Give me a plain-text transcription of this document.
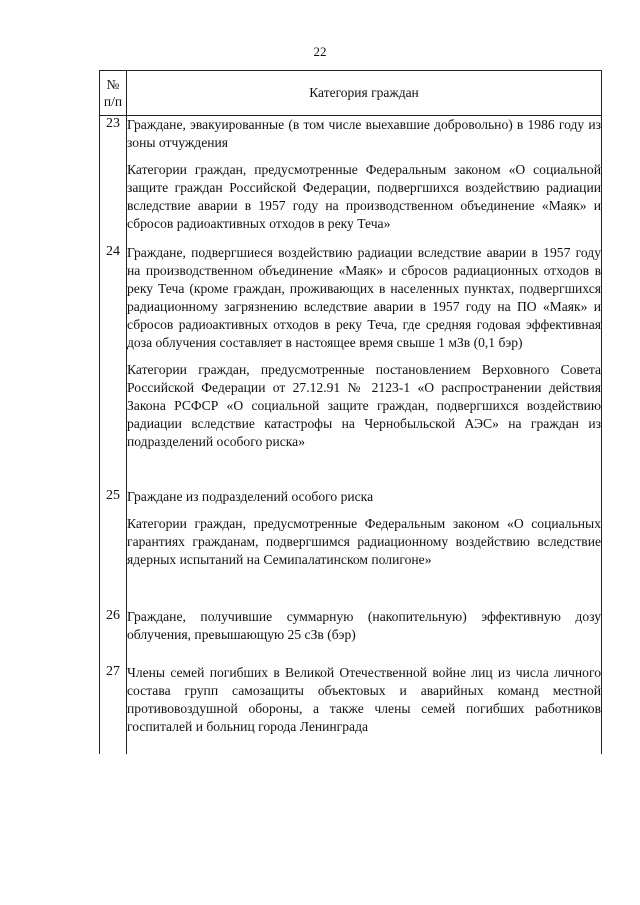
22
№
п/п	Категория граждан
23	Граждане, эвакуированные (в том числе выехавшие добровольно) в 1986 году из зоны отчуждения

Категории граждан, предусмотренные Федеральным законом «О социальной защите граждан Российской Федерации, подвергшихся воздействию радиации вследствие аварии в 1957 году на производственном объединение «Маяк» и сбросов радиоактивных отходов в реку Теча»

24	Граждане, подвергшиеся воздействию радиации вследствие аварии в 1957 году на производственном объединение «Маяк» и сбросов радиационных отходов в реку Теча (кроме граждан, проживающих в населенных пунктах, подвергшихся радиационному загрязнению вследствие аварии в 1957 году на ПО «Маяк» и сбросов радиоактивных отходов в реку Теча, где средняя годовая эффективная доза облучения составляет в настоящее время свыше 1 мЗв (0,1 бэр)

Категории граждан, предусмотренные постановлением Верховного Совета Российской Федерации от 27.12.91 № 2123-1 «О распространении действия Закона РСФСР «О социальной защите граждан, подвергшихся воздействию радиации вследствие катастрофы на Чернобыльской АЭС» на граждан из подразделений особого риска»

25	Граждане из подразделений особого риска

Категории граждан, предусмотренные Федеральным законом «О социальных гарантиях гражданам, подвергшимся радиационному воздействию вследствие ядерных испытаний на Семипалатинском полигоне»

26	Граждане, получившие суммарную (накопительную) эффективную дозу облучения, превышающую 25 сЗв (бэр)

27	Члены семей погибших в Великой Отечественной войне лиц из числа личного состава групп самозащиты объектовых и аварийных команд местной противовоздушной обороны, а также члены семей погибших работников госпиталей и больниц города Ленинграда
